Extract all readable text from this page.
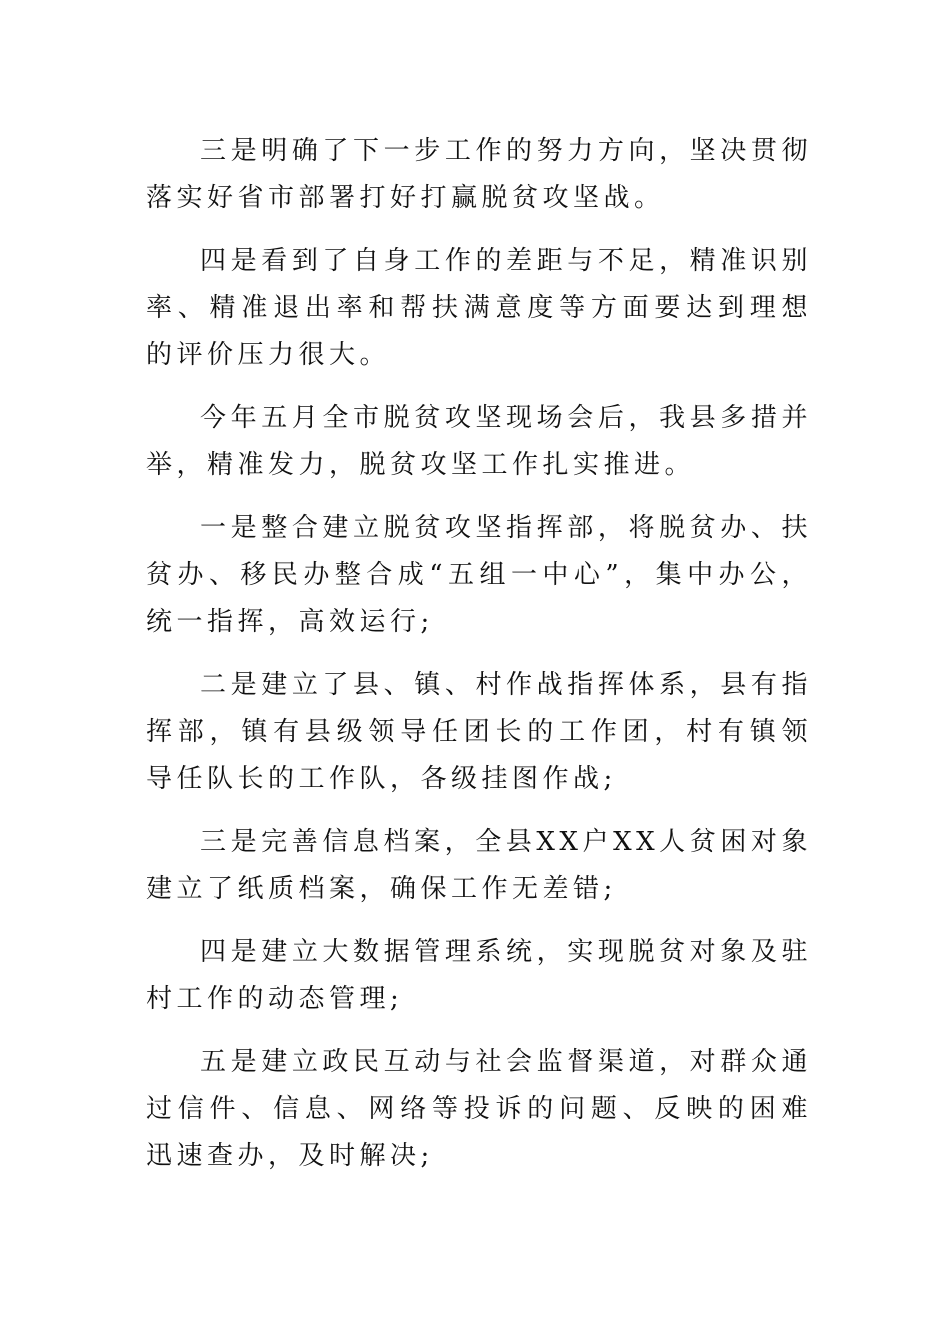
三是明确了下一步工作的努力方向，坚决贯彻落实好省市部署打好打赢脱贫攻坚战。

四是看到了自身工作的差距与不足，精准识别率、精准退出率和帮扶满意度等方面要达到理想的评价压力很大。

今年五月全市脱贫攻坚现场会后，我县多措并举，精准发力，脱贫攻坚工作扎实推进。

一是整合建立脱贫攻坚指挥部，将脱贫办、扶贫办、移民办整合成“五组一中心”，集中办公，统一指挥，高效运行;

二是建立了县、镇、村作战指挥体系，县有指挥部，镇有县级领导任团长的工作团，村有镇领导任队长的工作队，各级挂图作战;

三是完善信息档案，全县XX户XX人贫困对象建立了纸质档案，确保工作无差错;

四是建立大数据管理系统，实现脱贫对象及驻村工作的动态管理;

五是建立政民互动与社会监督渠道，对群众通过信件、信息、网络等投诉的问题、反映的困难迅速查办，及时解决;
